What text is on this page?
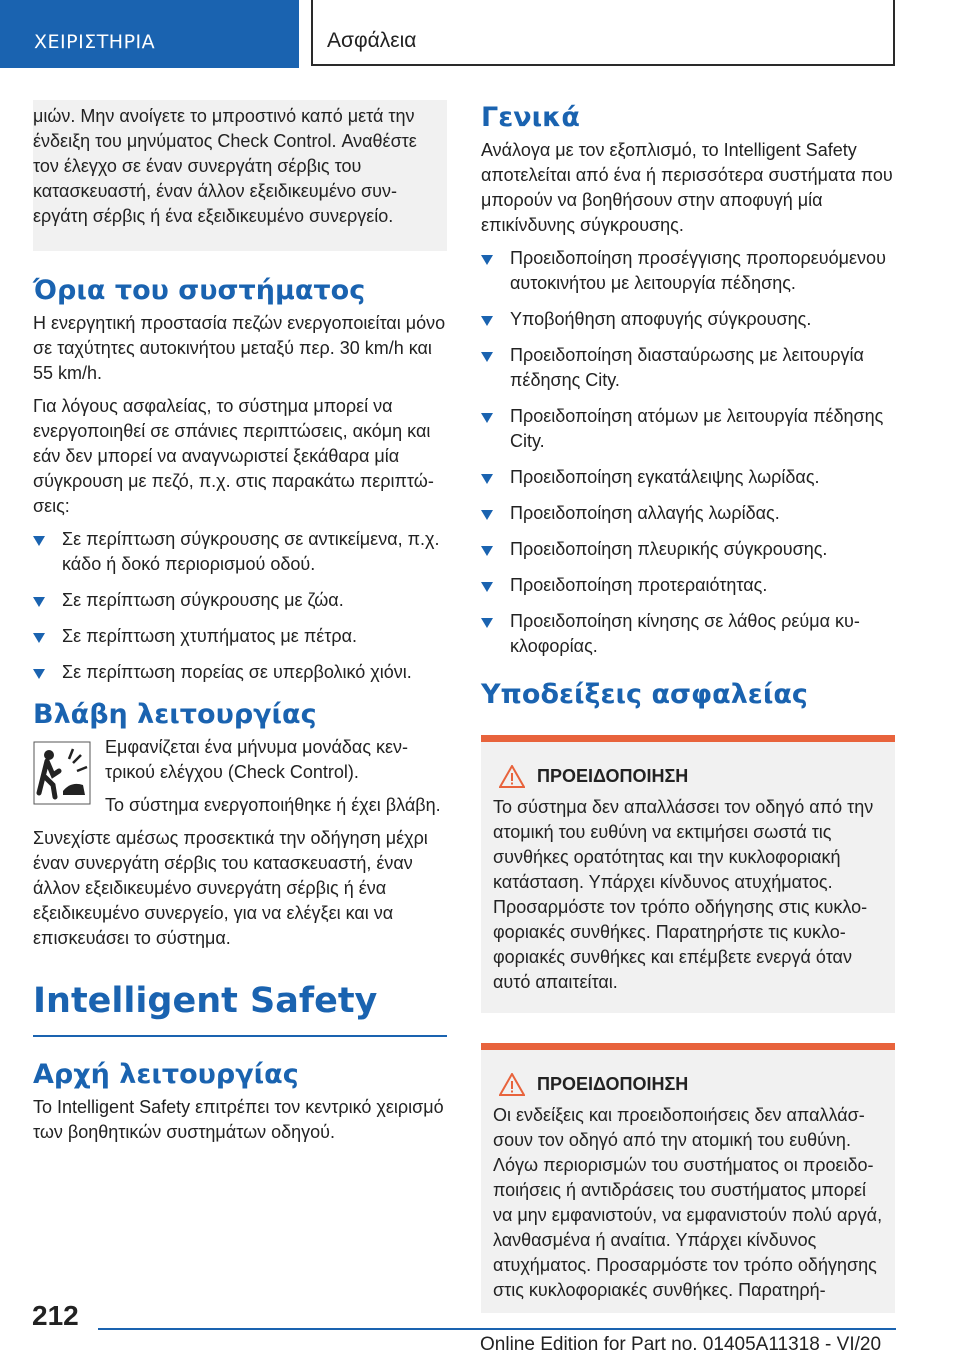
ΧΕΙΡΙΣΤΗΡΙΑ	Ασφάλεια

μιών. Μην ανοίγετε το μπροστινό καπό μετά την ένδειξη του μηνύματος Check Control. Αναθέστε τον έλεγχο σε έναν συνεργάτη σέρβις του κατασκευαστή, έναν άλλον εξειδικευμένο συνεργάτη σέρβις ή ένα εξειδικευμένο συνεργείο.

Όρια του συστήματος

Η ενεργητική προστασία πεζών ενεργοποιείται μόνο σε ταχύτητες αυτοκινήτου μεταξύ περ. 30 km/h και 55 km/h.

Για λόγους ασφαλείας, το σύστημα μπορεί να ενεργοποιηθεί σε σπάνιες περιπτώσεις, ακόμη και εάν δεν μπορεί να αναγνωριστεί ξεκάθαρα μία σύγκρουση με πεζό, π.χ. στις παρακάτω περιπτώσεις:

Σε περίπτωση σύγκρουσης σε αντικείμενα, π.χ. κάδο ή δοκό περιορισμού οδού.
Σε περίπτωση σύγκρουσης με ζώα.
Σε περίπτωση χτυπήματος με πέτρα.
Σε περίπτωση πορείας σε υπερβολικό χιόνι.
Βλάβη λειτουργίας

Εμφανίζεται ένα μήνυμα μονάδας κεντρικού ελέγχου (Check Control).

Το σύστημα ενεργοποιήθηκε ή έχει βλάβη.

Συνεχίστε αμέσως προσεκτικά την οδήγηση μέχρι έναν συνεργάτη σέρβις του κατασκευαστή, έναν άλλον εξειδικευμένο συνεργάτη σέρβις ή ένα εξειδικευμένο συνεργείο, για να ελέγξει και να επισκευάσει το σύστημα.

Intelligent Safety
Αρχή λειτουργίας

Το Intelligent Safety επιτρέπει τον κεντρικό χειρισμό των βοηθητικών συστημάτων οδηγού.

Γενικά

Ανάλογα με τον εξοπλισμό, το Intelligent Safety αποτελείται από ένα ή περισσότερα συστήματα που μπορούν να βοηθήσουν στην αποφυγή μία επικίνδυνης σύγκρουσης.

Προειδοποίηση προσέγγισης προπορευόμενου αυτοκινήτου με λειτουργία πέδησης.
Υποβοήθηση αποφυγής σύγκρουσης.
Προειδοποίηση διασταύρωσης με λειτουργία πέδησης City.
Προειδοποίηση ατόμων με λειτουργία πέδησης City.
Προειδοποίηση εγκατάλειψης λωρίδας.
Προειδοποίηση αλλαγής λωρίδας.
Προειδοποίηση πλευρικής σύγκρουσης.
Προειδοποίηση προτεραιότητας.
Προειδοποίηση κίνησης σε λάθος ρεύμα κυκλοφορίας.
Υποδείξεις ασφαλείας
ΠΡΟΕΙΔΟΠΟΙΗΣΗ

Το σύστημα δεν απαλλάσσει τον οδηγό από την ατομική του ευθύνη να εκτιμήσει σωστά τις συνθήκες ορατότητας και την κυκλοφοριακή κατάσταση. Υπάρχει κίνδυνος ατυχήματος. Προσαρμόστε τον τρόπο οδήγησης στις κυκλοφοριακές συνθήκες. Παρατηρήστε τις κυκλοφοριακές συνθήκες και επέμβετε ενεργά όταν αυτό απαιτείται.

ΠΡΟΕΙΔΟΠΟΙΗΣΗ

Οι ενδείξεις και προειδοποιήσεις δεν απαλλάσσουν τον οδηγό από την ατομική του ευθύνη. Λόγω περιορισμών του συστήματος οι προειδοποιήσεις ή αντιδράσεις του συστήματος μπορεί να μην εμφανιστούν, να εμφανιστούν πολύ αργά, λανθασμένα ή αναίτια. Υπάρχει κίνδυνος ατυχήματος. Προσαρμόστε τον τρόπο οδήγησης στις κυκλοφοριακές συνθήκες. Παρατηρή-

212
Online Edition for Part no. 01405A11318 - VI/20
